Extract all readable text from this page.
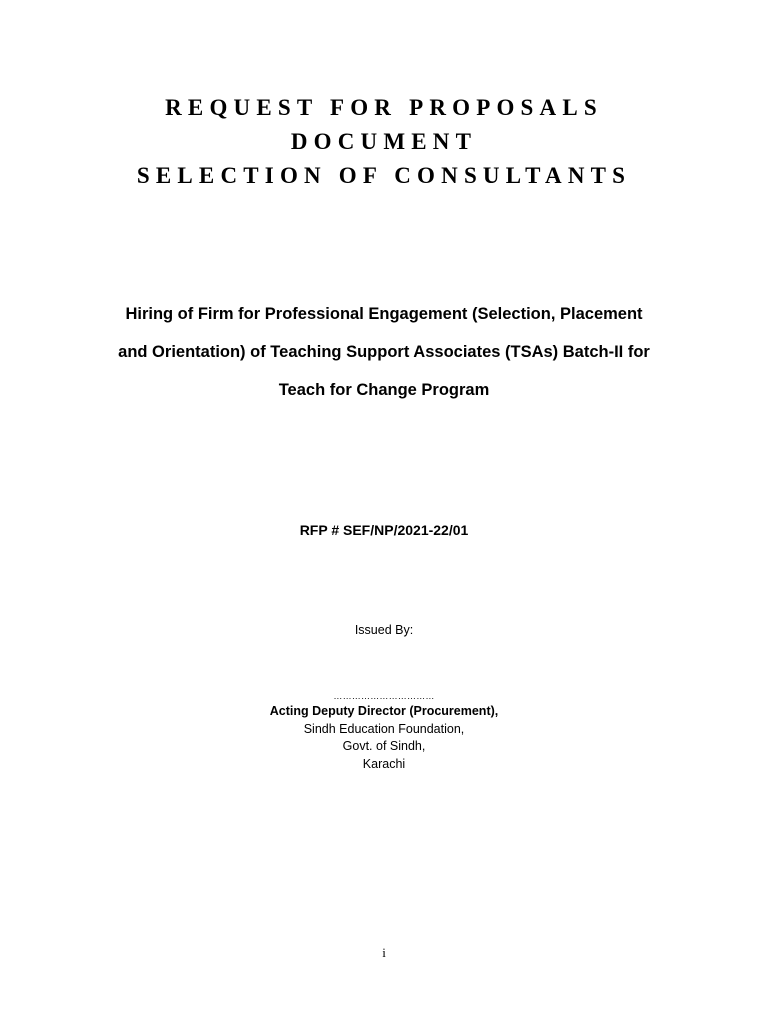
REQUEST FOR PROPOSALS
DOCUMENT
SELECTION OF CONSULTANTS
Hiring of Firm for Professional Engagement (Selection, Placement
and Orientation) of Teaching Support Associates (TSAs) Batch-II for
Teach for Change Program
RFP # SEF/NP/2021-22/01
Issued By:
……………………………
Acting Deputy Director (Procurement),
Sindh Education Foundation,
Govt. of Sindh,
Karachi
i
